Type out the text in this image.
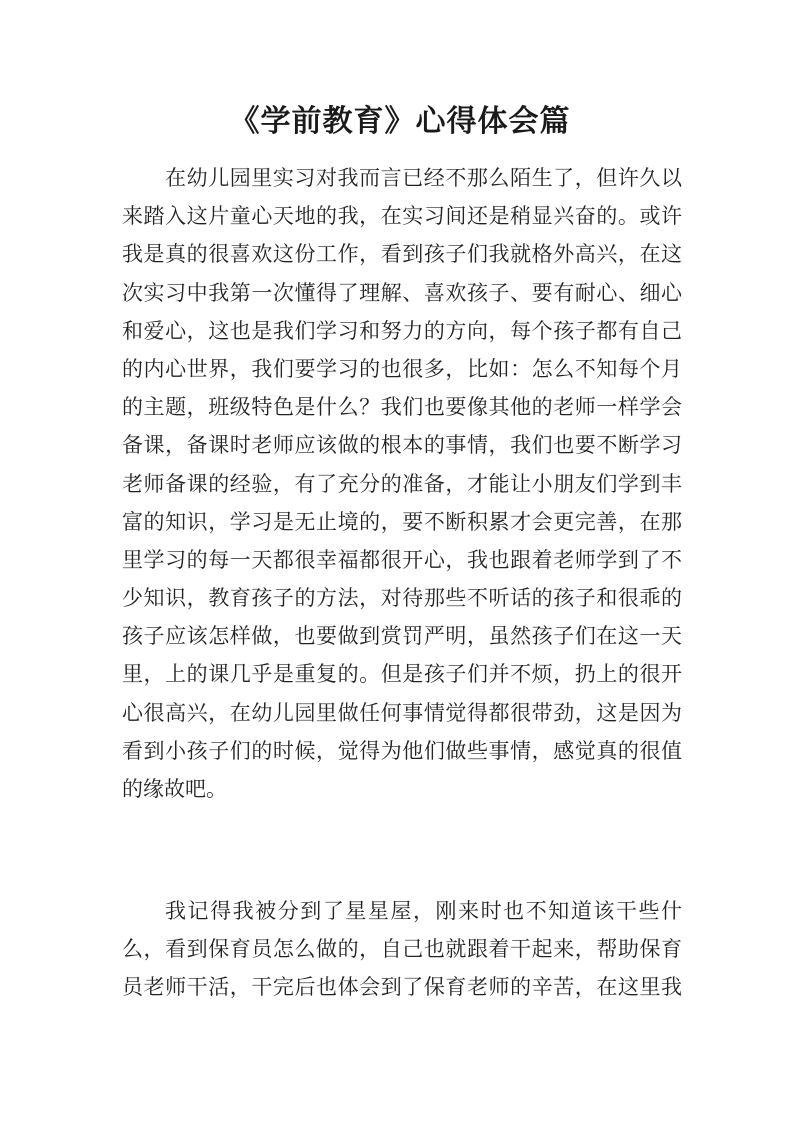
《学前教育》心得体会篇
在幼儿园里实习对我而言已经不那么陌生了，但许久以
来踏入这片童心天地的我，在实习间还是稍显兴奋的。或许
我是真的很喜欢这份工作，看到孩子们我就格外高兴，在这
次实习中我第一次懂得了理解、喜欢孩子、要有耐心、细心
和爱心，这也是我们学习和努力的方向，每个孩子都有自己
的内心世界，我们要学习的也很多，比如：怎么不知每个月
的主题，班级特色是什么？我们也要像其他的老师一样学会
备课，备课时老师应该做的根本的事情，我们也要不断学习
老师备课的经验，有了充分的准备，才能让小朋友们学到丰
富的知识，学习是无止境的，要不断积累才会更完善，在那
里学习的每一天都很幸福都很开心，我也跟着老师学到了不
少知识，教育孩子的方法，对待那些不听话的孩子和很乖的
孩子应该怎样做，也要做到赏罚严明，虽然孩子们在这一天
里，上的课几乎是重复的。但是孩子们并不烦，扔上的很开
心很高兴，在幼儿园里做任何事情觉得都很带劲，这是因为
看到小孩子们的时候，觉得为他们做些事情，感觉真的很值
的缘故吧。
我记得我被分到了星星屋，刚来时也不知道该干些什
么，看到保育员怎么做的，自己也就跟着干起来，帮助保育
员老师干活，干完后也体会到了保育老师的辛苦，在这里我
